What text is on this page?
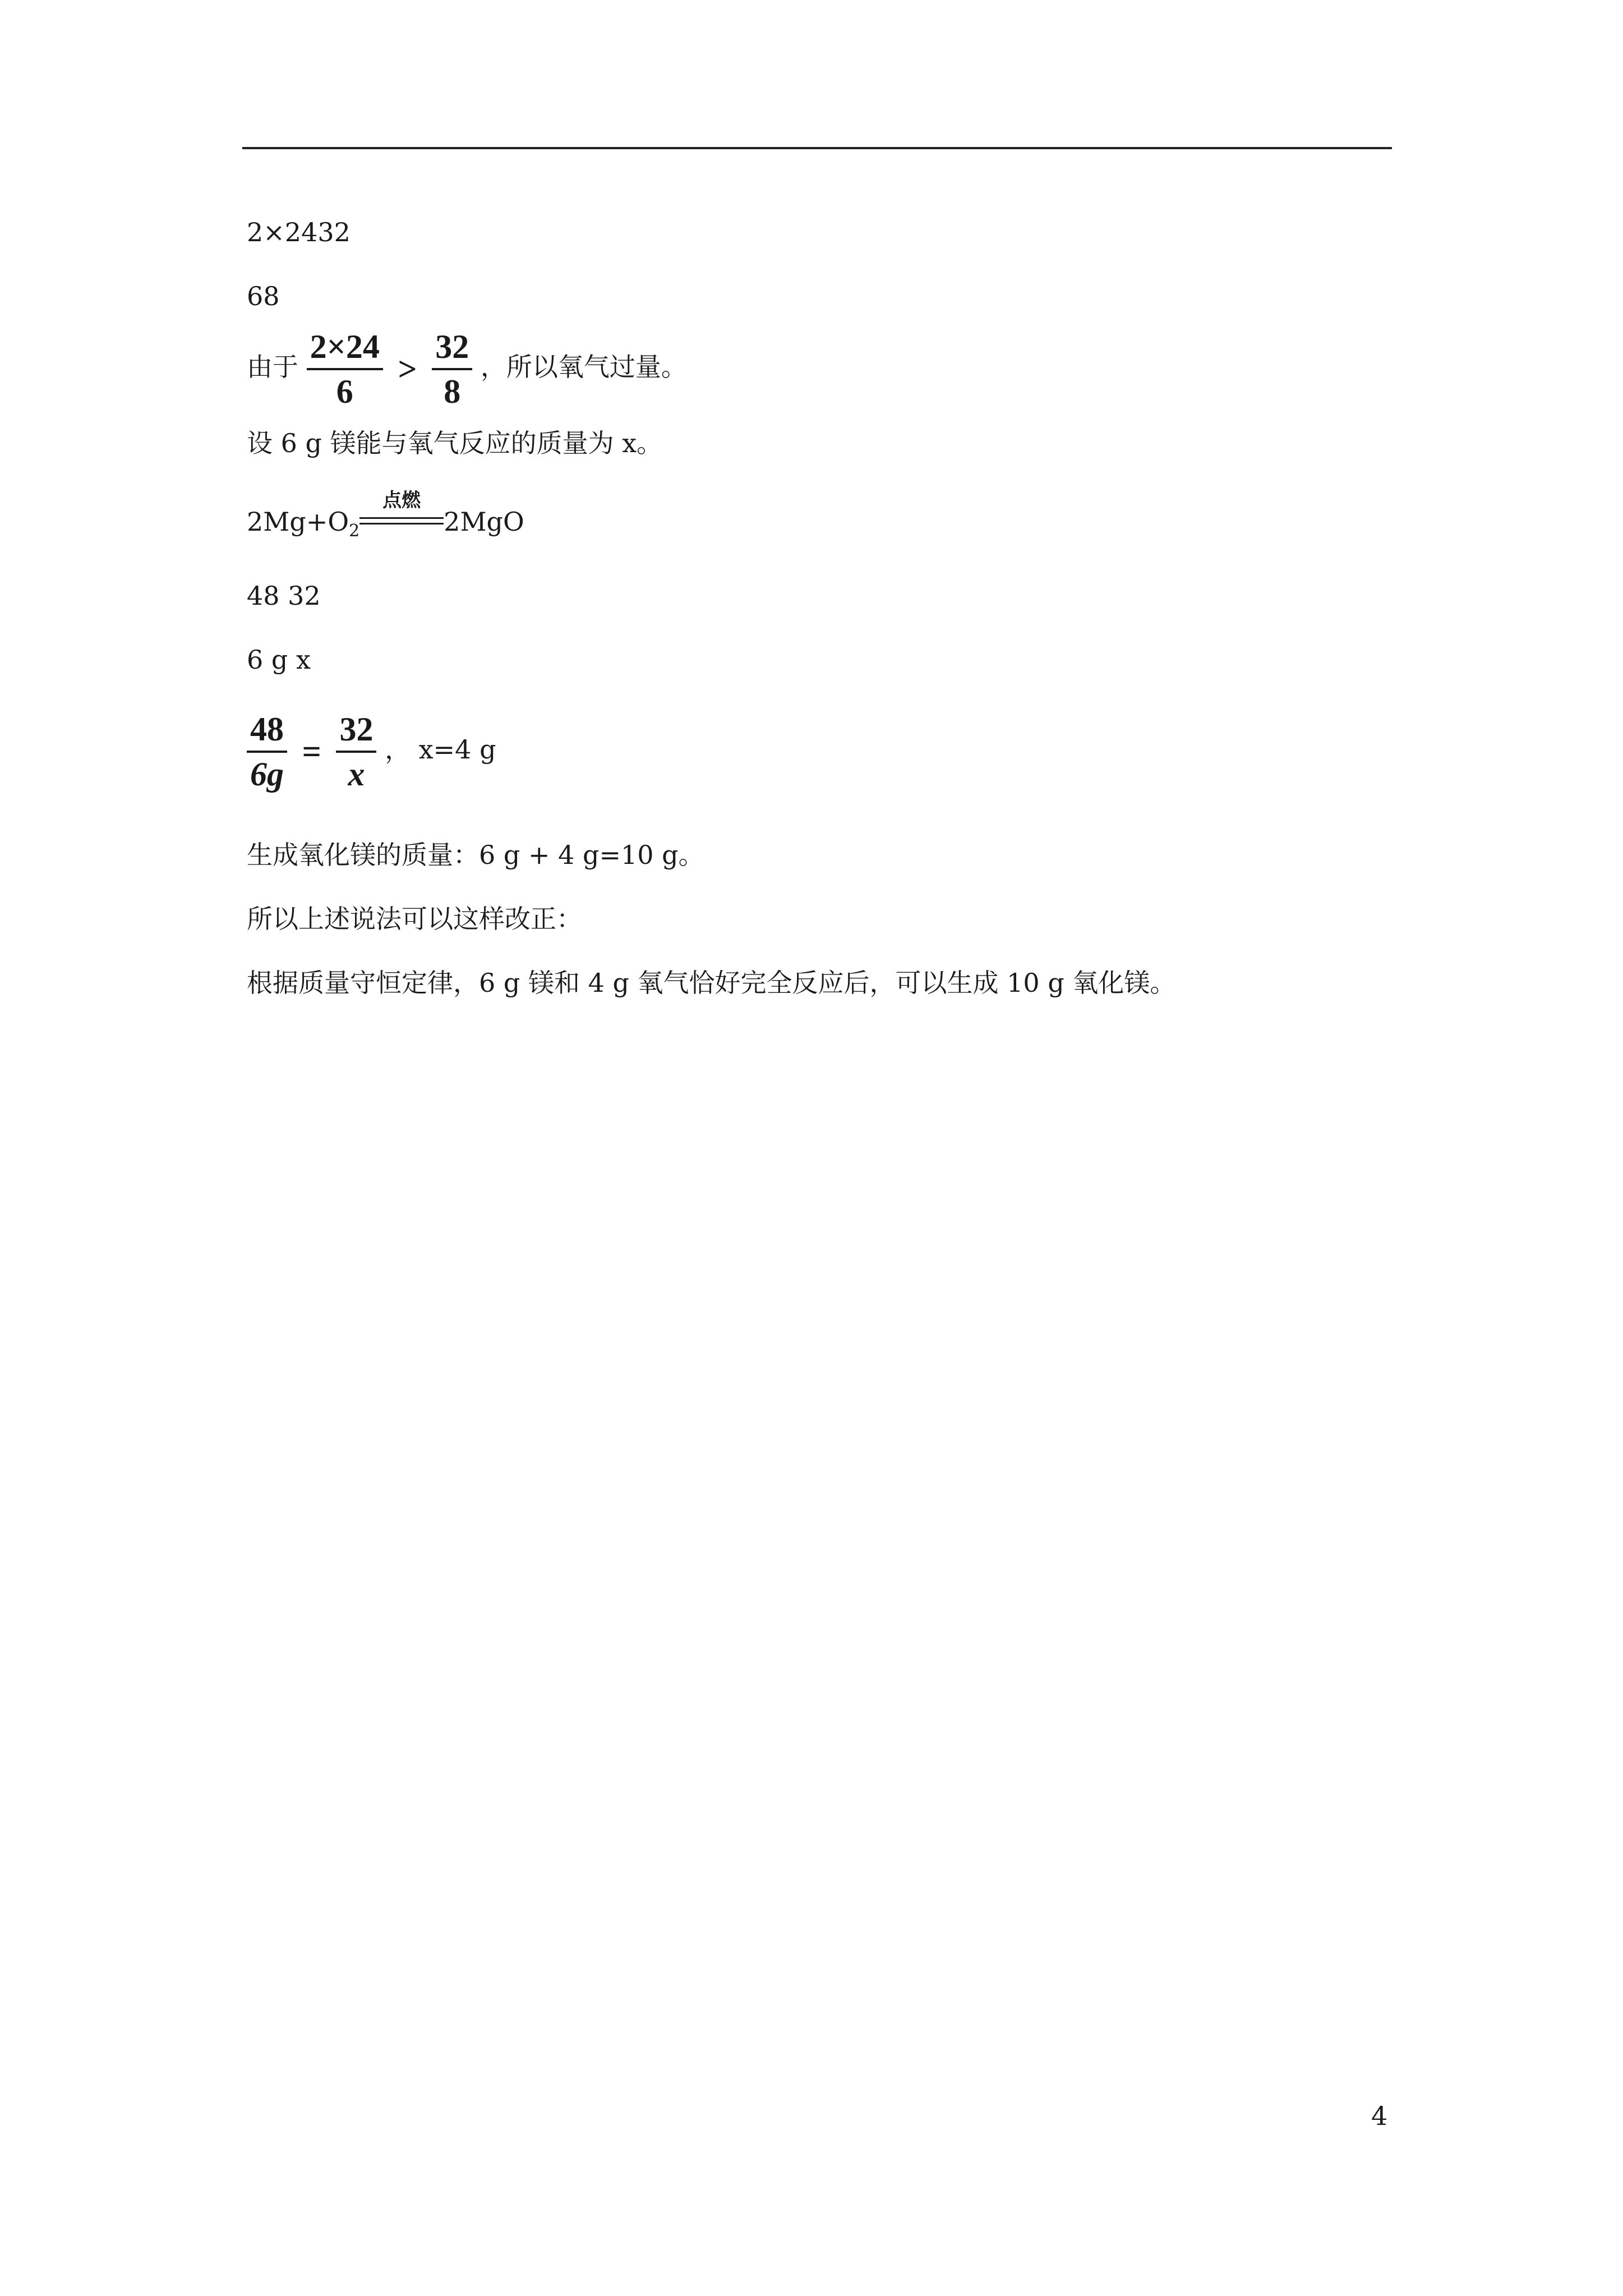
2×2432
68
由于 $\frac{2\times 24}{6} > \frac{32}{8}$ ，所以氧气过量。
设 6 g 镁能与氧气反应的质量为 x。
$2Mg+O_2$
点燃
2MgO
48 32
6 g x
$\frac{48}{6g} = \frac{32}{x}$ ， x=4 g
生成氧化镁的质量：6 g + 4 g=10 g。
所以上述说法可以这样改正：
根据质量守恒定律，6 g 镁和 4 g 氧气恰好完全反应后，可以生成 10 g 氧化镁。
4
